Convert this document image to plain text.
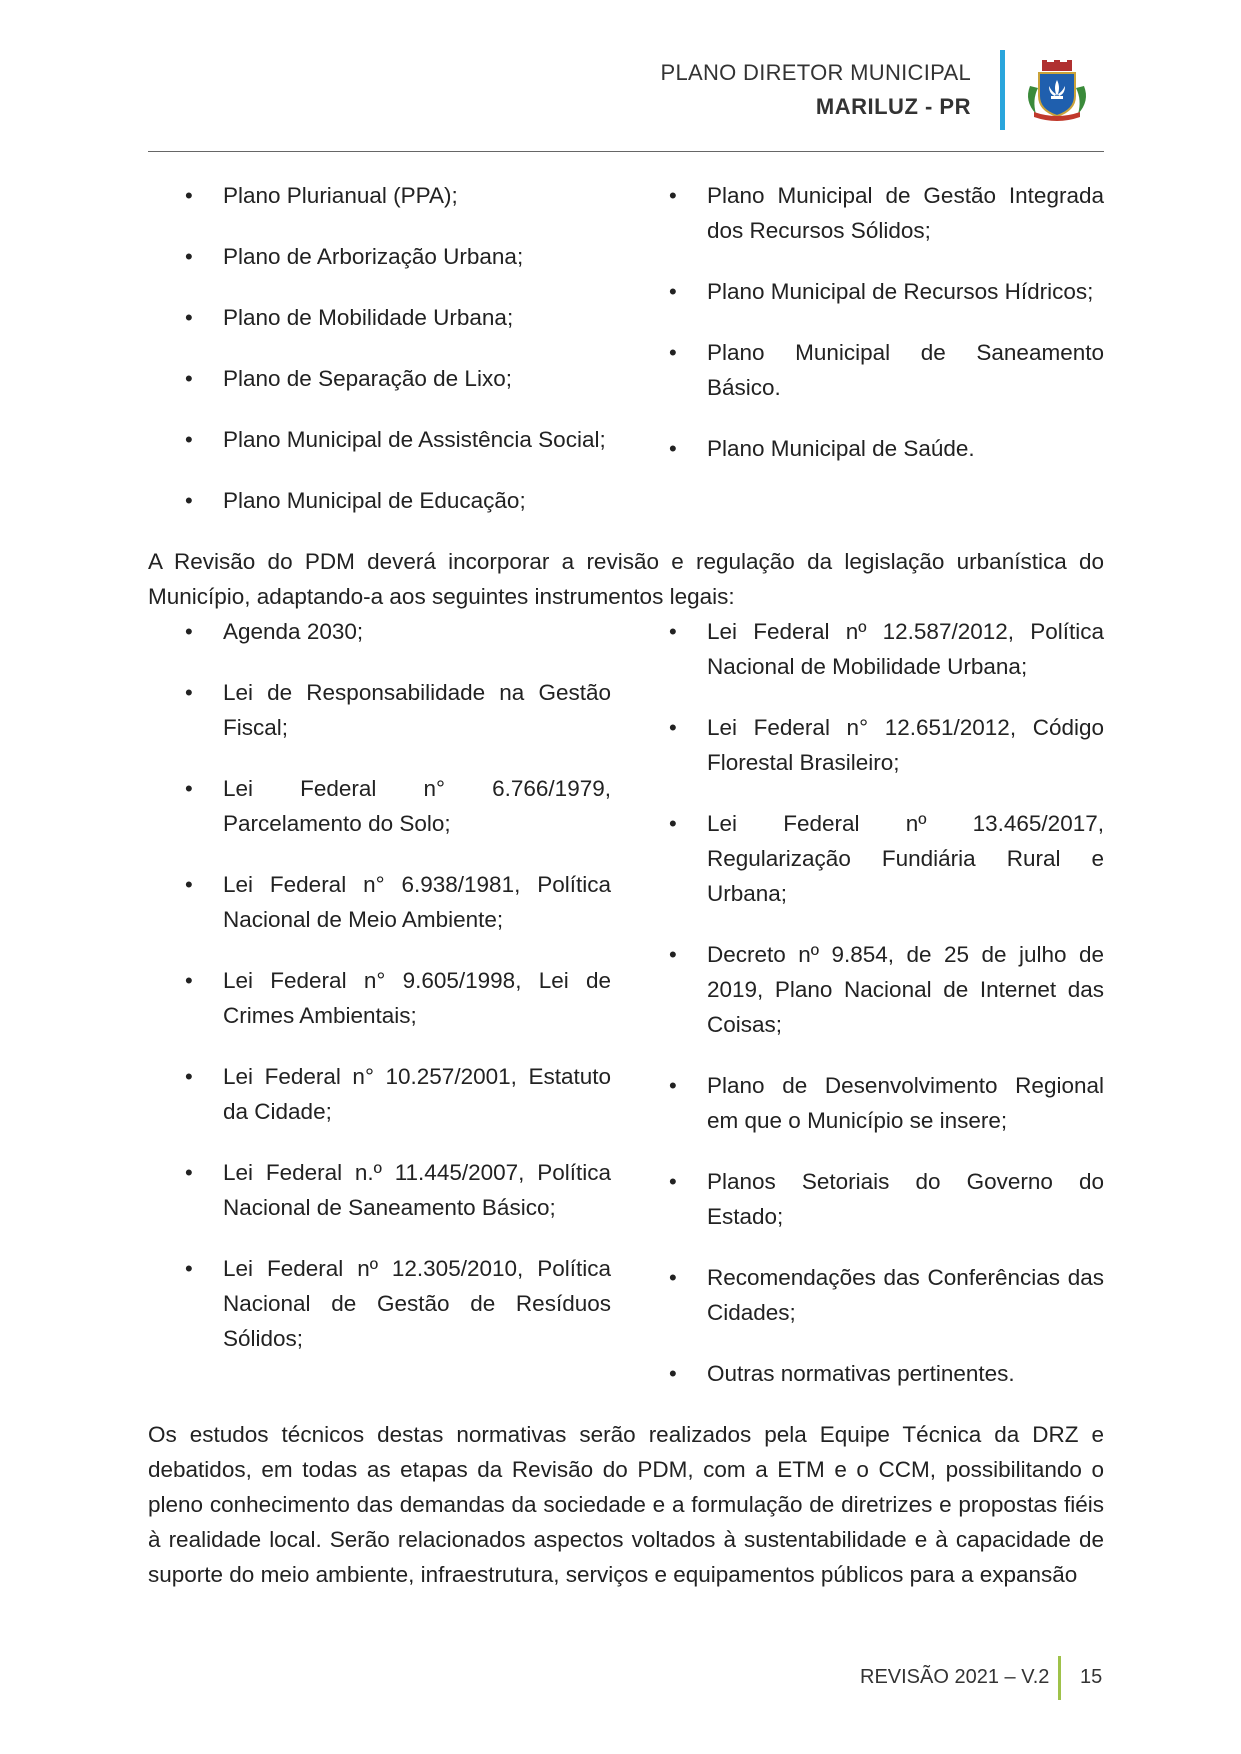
PLANO DIRETOR MUNICIPAL
MARILUZ - PR
• Plano Plurianual (PPA);
• Plano de Arborização Urbana;
• Plano de Mobilidade Urbana;
• Plano de Separação de Lixo;
• Plano Municipal de Assistência Social;
• Plano Municipal de Educação;
• Plano Municipal de Gestão Integrada dos Recursos Sólidos;
• Plano Municipal de Recursos Hídricos;
• Plano Municipal de Saneamento Básico.
• Plano Municipal de Saúde.

A Revisão do PDM deverá incorporar a revisão e regulação da legislação urbanística do Município, adaptando-a aos seguintes instrumentos legais:

• Agenda 2030;
• Lei de Responsabilidade na Gestão Fiscal;
• Lei Federal n° 6.766/1979, Parcelamento do Solo;
• Lei Federal n° 6.938/1981, Política Nacional de Meio Ambiente;
• Lei Federal n° 9.605/1998, Lei de Crimes Ambientais;
• Lei Federal n° 10.257/2001, Estatuto da Cidade;
• Lei Federal n.º 11.445/2007, Política Nacional de Saneamento Básico;
• Lei Federal nº 12.305/2010, Política Nacional de Gestão de Resíduos Sólidos;
• Lei Federal nº 12.587/2012, Política Nacional de Mobilidade Urbana;
• Lei Federal n° 12.651/2012, Código Florestal Brasileiro;
• Lei Federal nº 13.465/2017, Regularização Fundiária Rural e Urbana;
• Decreto nº 9.854, de 25 de julho de 2019, Plano Nacional de Internet das Coisas;
• Plano de Desenvolvimento Regional em que o Município se insere;
• Planos Setoriais do Governo do Estado;
• Recomendações das Conferências das Cidades;
• Outras normativas pertinentes.

Os estudos técnicos destas normativas serão realizados pela Equipe Técnica da DRZ e debatidos, em todas as etapas da Revisão do PDM, com a ETM e o CCM, possibilitando o pleno conhecimento das demandas da sociedade e a formulação de diretrizes e propostas fiéis à realidade local. Serão relacionados aspectos voltados à sustentabilidade e à capacidade de suporte do meio ambiente, infraestrutura, serviços e equipamentos públicos para a expansão

REVISÃO 2021 – V.2 15
